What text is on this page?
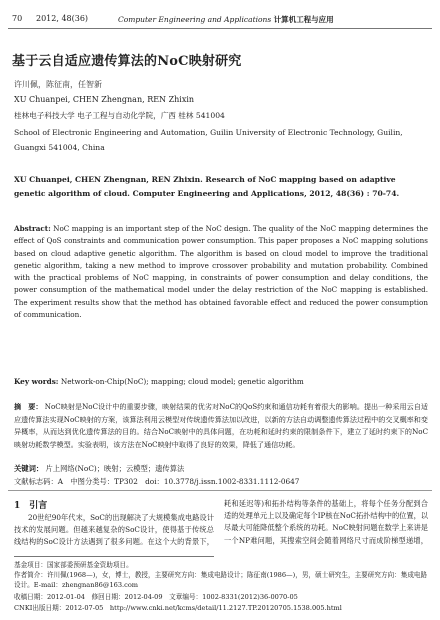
70 2012, 48(36)	Computer Engineering and Applications 计算机工程与应用
基于云自适应遗传算法的NoC映射研究
许川佩，陈征南，任智新
XU Chuanpei, CHEN Zhengnan, REN Zhixin
桂林电子科技大学 电子工程与自动化学院，广西 桂林 541004
School of Electronic Engineering and Automation, Guilin University of Electronic Technology, Guilin, Guangxi 541004, China
XU Chuanpei, CHEN Zhengnan, REN Zhixin. Research of NoC mapping based on adaptive genetic algorithm of cloud. Computer Engineering and Applications, 2012, 48(36) : 70-74.
Abstract: NoC mapping is an important step of the NoC design. The quality of the NoC mapping determines the effect of QoS constraints and communication power consumption. This paper proposes a NoC mapping solutions based on cloud adaptive genetic algorithm. The algorithm is based on cloud model to improve the traditional genetic algorithm, taking a new method to improve crossover probability and mutation probability. Combined with the practical problems of NoC mapping, in constraints of power consumption and delay conditions, the power consumption of the mathematical model under the delay restriction of the NoC mapping is established. The experiment results show that the method has obtained favorable effect and reduced the power consumption of communication.
Key words: Network-on-Chip(NoC); mapping; cloud model; genetic algorithm
摘　要： NoC映射是NoC设计中的重要步骤，映射结果的优劣对NoC的QoS约束和通信功耗有着很大的影响。提出一种采用云自适应遗传算法实现NoC映射的方案，该算法利用云模型对传统遗传算法加以改进，以新的方法自动调整遗传算法过程中的交叉概率和变异概率，从而达到优化遗传算法的目的。结合NoC映射中的具体问题，在功耗和延时约束的限制条件下，建立了延时约束下的NoC映射功耗数学模型。实验表明，该方法在NoC映射中取得了良好的效果，降低了通信功耗。
关键词： 片上网络(NoC)；映射；云模型；遗传算法
文献标志码：A　中图分类号：TP302　doi：10.3778/j.issn.1002-8331.1112-0647
1　引言
20世纪90年代末，SoC的出现解决了大规模集成电路设计技术的发展问题。但越来越复杂的SoC设计，使得基于传统总线结构的SoC设计方法遇到了很多问题。在这个大的背景下，
耗和延迟等)和拓扑结构等条件的基础上，将每个任务分配到合适的处理单元上以及确定每个IP核在NoC拓扑结构中的位置，以尽最大可能降低整个系统的功耗。NoC映射问题在数学上来讲是一个NP难问题，其搜索空间会随着网络尺寸而成阶梯型递增，
基金项目：国家部委预研基金资助项目。
作者简介：许川佩(1968—)，女，博士，教授，主要研究方向：集成电路设计；陈征南(1986—)，男，硕士研究生，主要研究方向：集成电路设计。E-mail：zhengnan86@163.com
收稿日期：2012-01-04　修回日期：2012-04-09　文章编号：1002-8331(2012)36-0070-05
CNKI出版日期：2012-07-05　http://www.cnki.net/kcms/detail/11.2127.TP.20120705.1538.005.html
